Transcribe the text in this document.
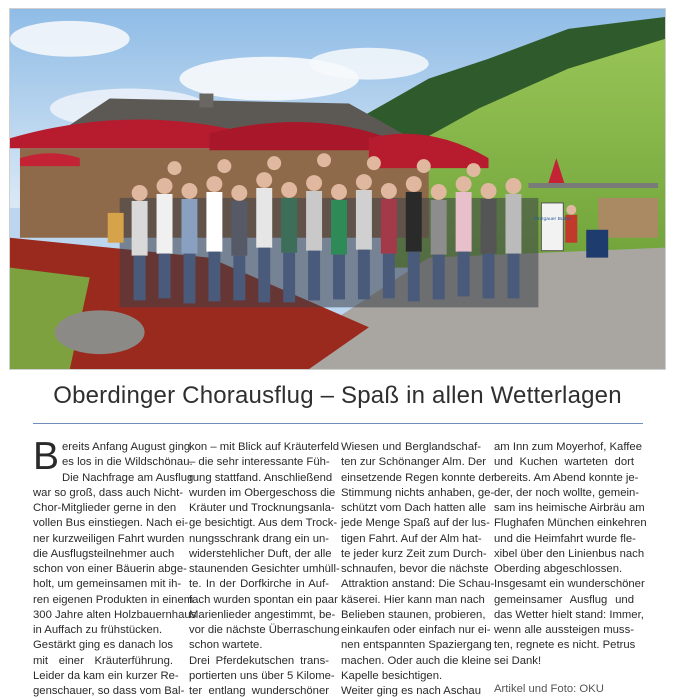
Pinzgauer Butter
Oberdinger Chorausflug – Spaß in allen Wetterlagen
B ereits Anfang August ging
es los in die Wildschönau.
Die Nachfrage am Ausflug
war so groß, dass auch Nicht-
Chor-Mitglieder gerne in den
vollen Bus einstiegen. Nach ei-
ner kurzweiligen Fahrt wurden
die Ausflugsteilnehmer auch
schon von einer Bäuerin abge-
holt, um gemeinsamen mit ih-
ren eigenen Produkten in einem
300 Jahre alten Holzbauernhaus
in Auffach zu frühstücken.
Gestärkt ging es danach los
mit einer Kräuterführung.
Leider da kam ein kurzer Re-
genschauer, so dass vom Bal-
kon – mit Blick auf Kräuterfeld
– die sehr interessante Füh-
rung stattfand. Anschließend
wurden im Obergeschoss die
Kräuter und Trocknungsanla-
ge besichtigt. Aus dem Trock-
nungsschrank drang ein un-
widerstehlicher Duft, der alle
staunenden Gesichter umhüll-
te. In der Dorfkirche in Auf-
fach wurden spontan ein paar
Marienlieder angestimmt, be-
vor die nächste Überraschung
schon wartete.
Drei Pferdekutschen trans-
portierten uns über 5 Kilome-
ter entlang wunderschöner
Wiesen und Berglandschaf-
ten zur Schönanger Alm. Der
einsetzende Regen konnte der
Stimmung nichts anhaben, ge-
schützt vom Dach hatten alle
jede Menge Spaß auf der lus-
tigen Fahrt. Auf der Alm hat-
te jeder kurz Zeit zum Durch-
schnaufen, bevor die nächste
Attraktion anstand: Die Schau-
käserei. Hier kann man nach
Belieben staunen, probieren,
einkaufen oder einfach nur ei-
nen entspannten Spaziergang
machen. Oder auch die kleine
Kapelle besichtigen.
Weiter ging es nach Aschau
am Inn zum Moyerhof, Kaffee
und Kuchen warteten dort
bereits. Am Abend konnte je-
der, der noch wollte, gemein-
sam ins heimische Airbräu am
Flughafen München einkehren
und die Heimfahrt wurde fle-
xibel über den Linienbus nach
Oberding abgeschlossen.
Insgesamt ein wunderschöner
gemeinsamer Ausflug und
das Wetter hielt stand: Immer,
wenn alle aussteigen muss-
ten, regnete es nicht. Petrus
sei Dank!
Artikel und Foto: OKU
